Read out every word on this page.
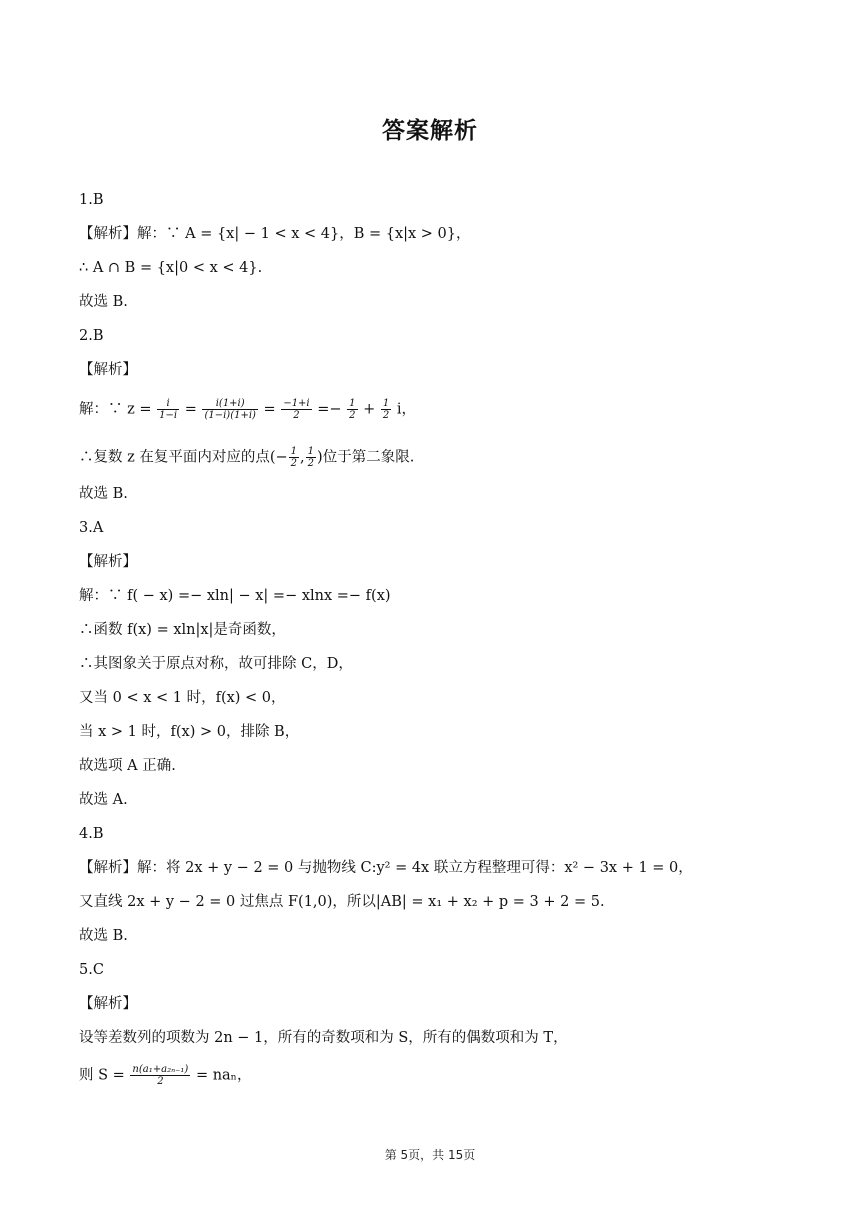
答案解析
1.B
【解析】解：∵ A = {x| − 1 < x < 4}，B = {x|x > 0}，
∴ A ∩ B = {x|0 < x < 4}.
故选 B.
2.B
【解析】
解：∵ $z = \frac{i}{1-i} = \frac{i(1+i)}{(1-i)(1+i)} = \frac{-1+i}{2} =- \frac{1}{2} + \frac{1}{2}$ i，
∴复数 z 在复平面内对应的点(− $\frac{1}{2}$ , $\frac{1}{2}$ )位于第二象限.
故选 B.
3.A
【解析】
解：∵ f( − x) =− xln| − x| =− xlnx =− f(x)
∴函数 f(x) = xln|x|是奇函数，
∴其图象关于原点对称，故可排除 C，D，
又当 0 < x < 1 时，f(x) < 0，
当 x > 1 时，f(x) > 0，排除 B，
故选项 A 正确.
故选 A.
4.B
【解析】解：将 2x + y − 2 = 0 与抛物线 C:y² = 4x 联立方程整理可得：x² − 3x + 1 = 0，
又直线 2x + y − 2 = 0 过焦点 F(1,0)，所以|AB| = x₁ + x₂ + p = 3 + 2 = 5.
故选 B.
5.C
【解析】
设等差数列的项数为 2n − 1，所有的奇数项和为 S，所有的偶数项和为 T，
则 $S = \frac{\text{n(a₁+a₂ₙ₋₁)}}{2} = na_n$，
第 5页，共 15页
